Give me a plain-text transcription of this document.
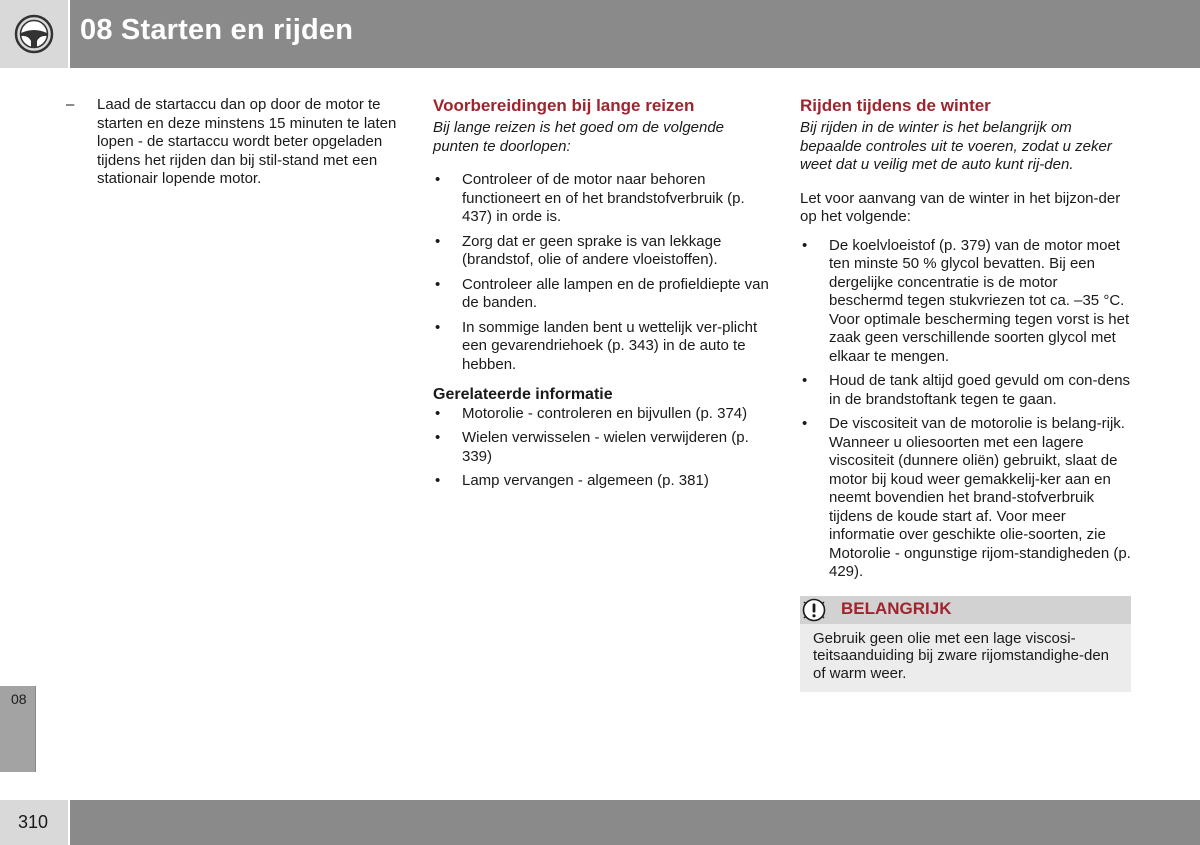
08 Starten en rijden
08
310
– Laad de startaccu dan op door de motor te starten en deze minstens 15 minuten te laten lopen - de startaccu wordt beter opgeladen tijdens het rijden dan bij stil-stand met een stationair lopende motor.
Voorbereidingen bij lange reizen
Bij lange reizen is het goed om de volgende punten te doorlopen:
• Controleer of de motor naar behoren functioneert en of het brandstofverbruik (p. 437) in orde is.
• Zorg dat er geen sprake is van lekkage (brandstof, olie of andere vloeistoffen).
• Controleer alle lampen en de profieldiepte van de banden.
• In sommige landen bent u wettelijk ver-plicht een gevarendriehoek (p. 343) in de auto te hebben.
Gerelateerde informatie
• Motorolie - controleren en bijvullen (p. 374)
• Wielen verwisselen - wielen verwijderen (p. 339)
• Lamp vervangen - algemeen (p. 381)
Rijden tijdens de winter
Bij rijden in de winter is het belangrijk om bepaalde controles uit te voeren, zodat u zeker weet dat u veilig met de auto kunt rij-den.
Let voor aanvang van de winter in het bijzon-der op het volgende:
• De koelvloeistof (p. 379) van de motor moet ten minste 50 % glycol bevatten. Bij een dergelijke concentratie is de motor beschermd tegen stukvriezen tot ca. –35 °C. Voor optimale bescherming tegen vorst is het zaak geen verschillende soorten glycol met elkaar te mengen.
• Houd de tank altijd goed gevuld om con-dens in de brandstoftank tegen te gaan.
• De viscositeit van de motorolie is belang-rijk. Wanneer u oliesoorten met een lagere viscositeit (dunnere oliën) gebruikt, slaat de motor bij koud weer gemakkelij-ker aan en neemt bovendien het brand-stofverbruik tijdens de koude start af. Voor meer informatie over geschikte olie-soorten, zie Motorolie - ongunstige rijom-standigheden (p. 429).
BELANGRIJK
Gebruik geen olie met een lage viscosi-teitsaanduiding bij zware rijomstandighe-den of warm weer.
